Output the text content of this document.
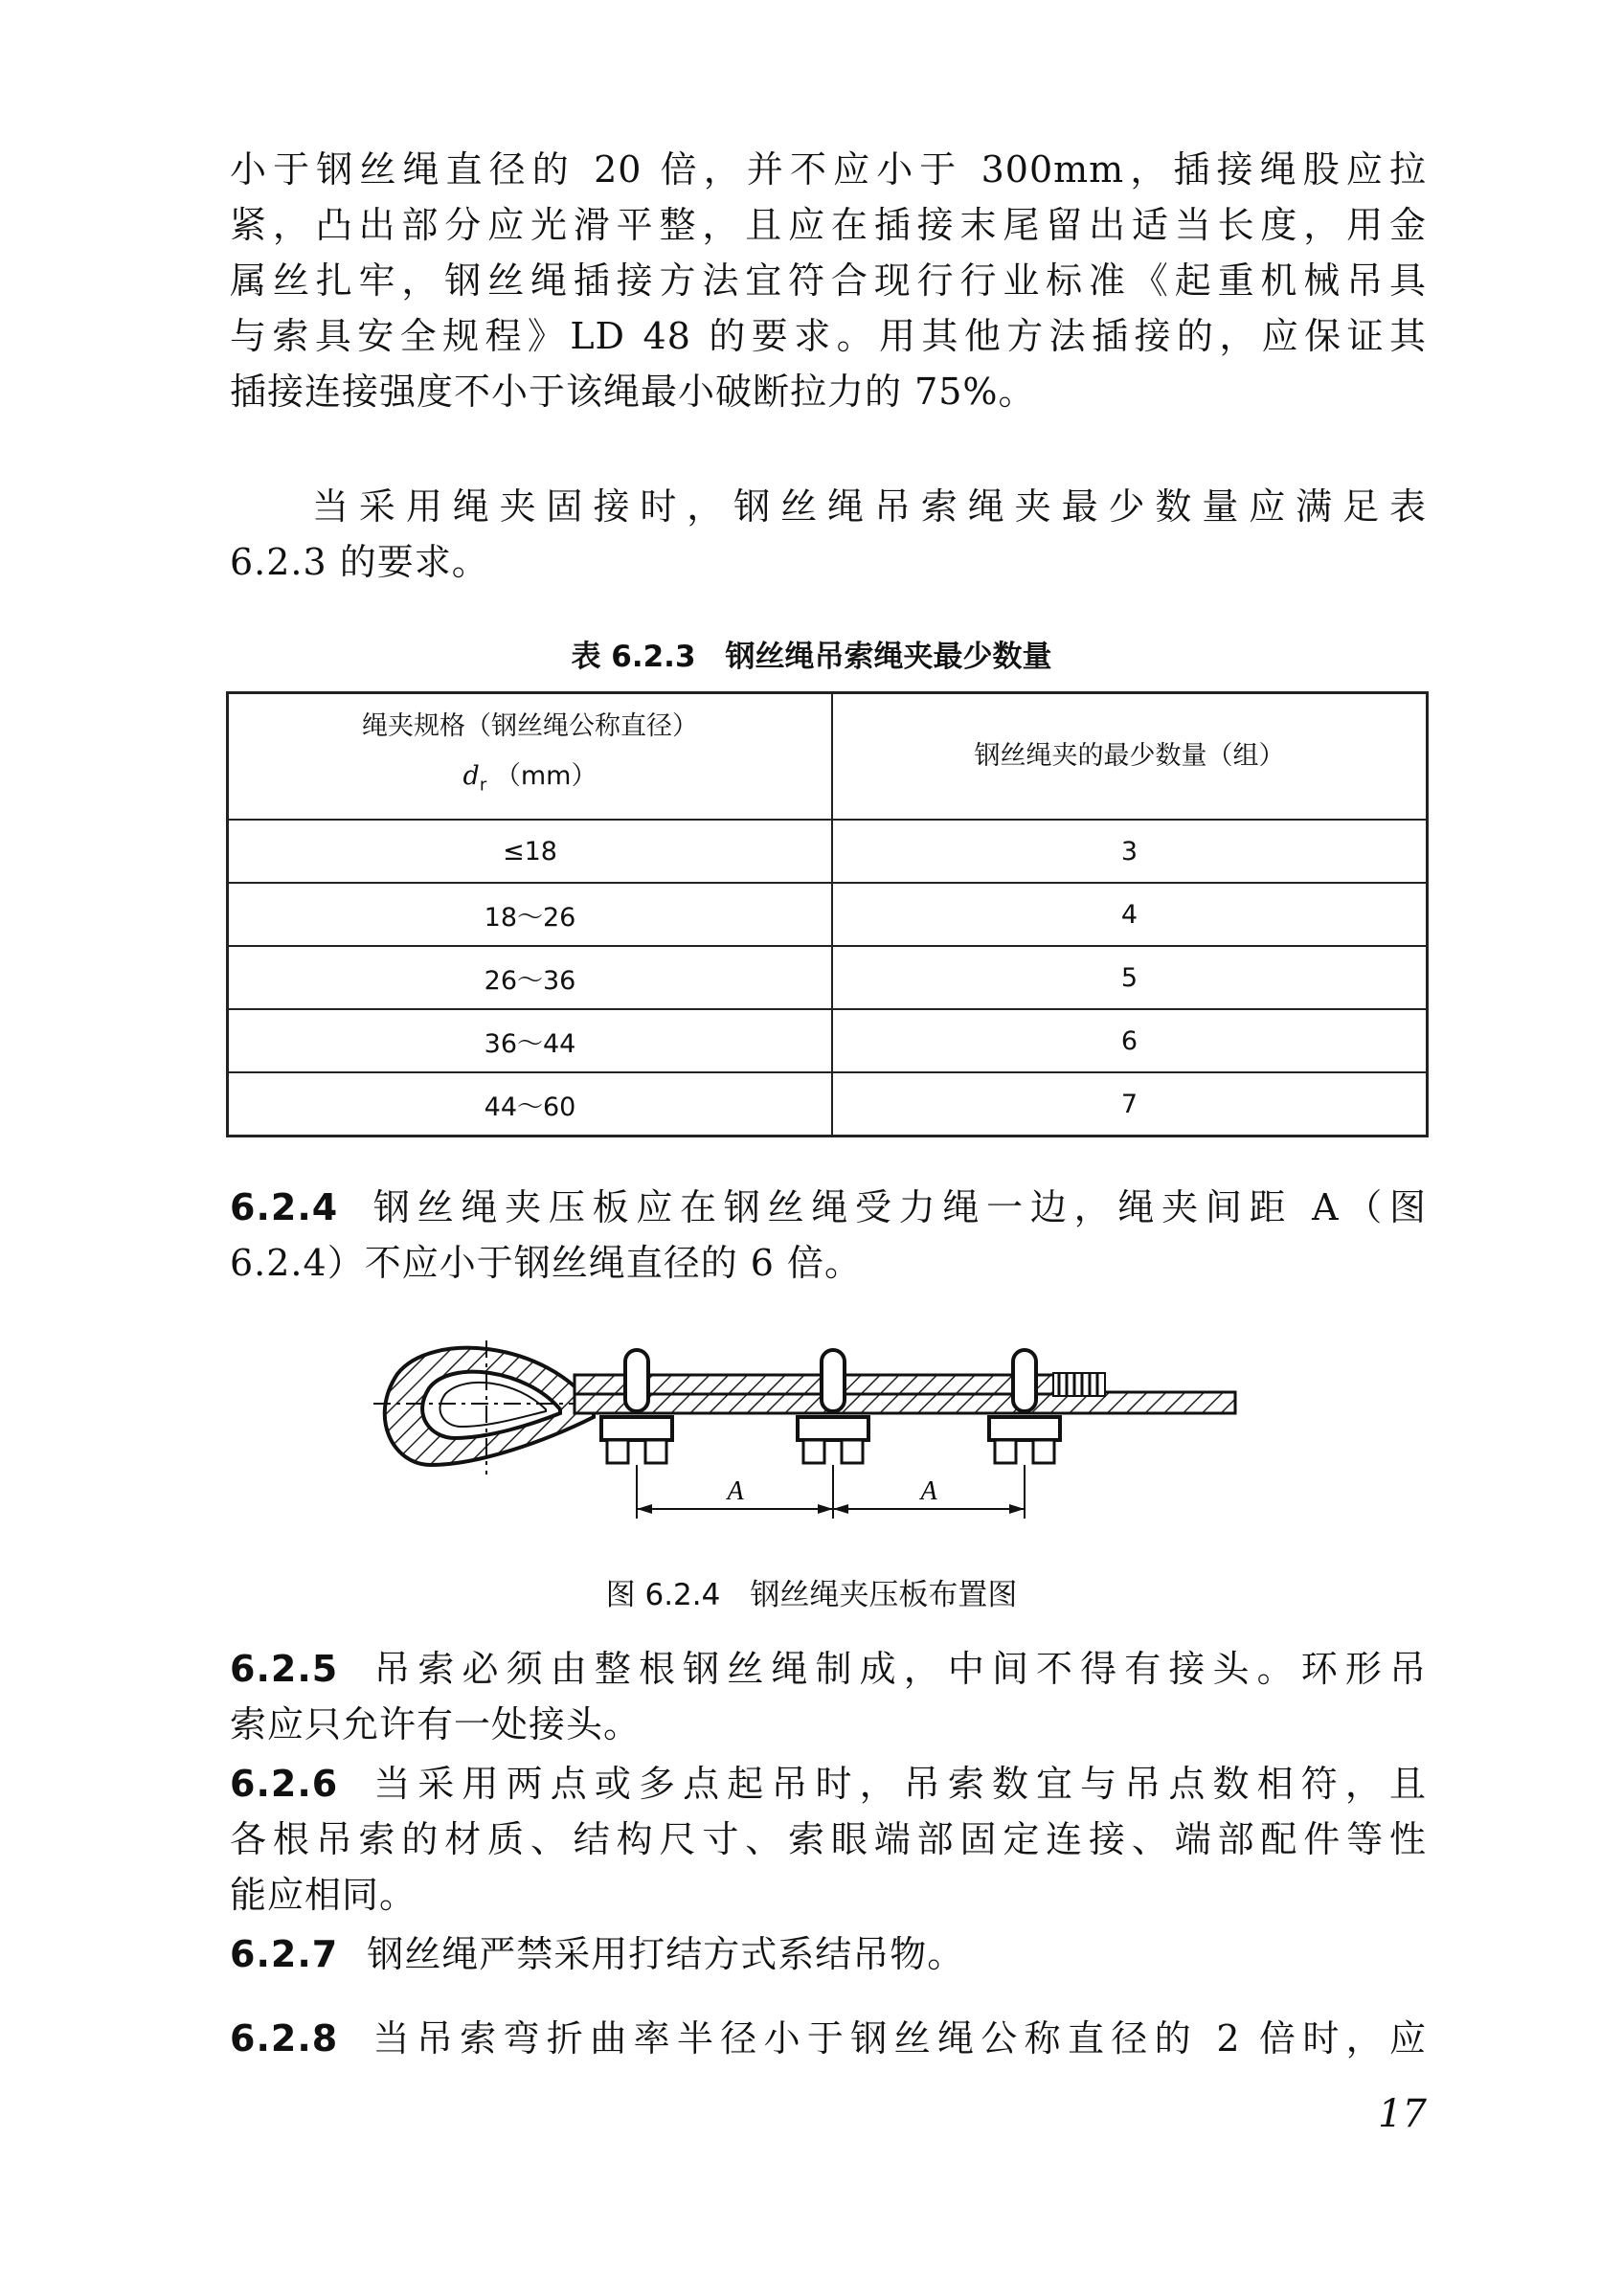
小于钢丝绳直径的 20 倍，并不应小于 300mm，插接绳股应拉
紧，凸出部分应光滑平整，且应在插接末尾留出适当长度，用金
属丝扎牢，钢丝绳插接方法宜符合现行行业标准《起重机械吊具
与索具安全规程》LD 48 的要求。用其他方法插接的，应保证其
插接连接强度不小于该绳最小破断拉力的 75%。
当采用绳夹固接时，钢丝绳吊索绳夹最少数量应满足表
6.2.3 的要求。
表 6.2.3　钢丝绳吊索绳夹最少数量
绳夹规格（钢丝绳公称直径）
$d_r$ （mm）	钢丝绳夹的最少数量（组）
≤18	3
18～26	4
26～36	5
36～44	6
44～60	7
6.2.4 钢丝绳夹压板应在钢丝绳受力绳一边，绳夹间距 A（图
6.2.4）不应小于钢丝绳直径的 6 倍。
A	A
图 6.2.4　钢丝绳夹压板布置图
6.2.5 吊索必须由整根钢丝绳制成，中间不得有接头。环形吊
索应只允许有一处接头。
6.2.6 当采用两点或多点起吊时，吊索数宜与吊点数相符，且
各根吊索的材质、结构尺寸、索眼端部固定连接、端部配件等性
能应相同。
6.2.7 钢丝绳严禁采用打结方式系结吊物。
6.2.8 当吊索弯折曲率半径小于钢丝绳公称直径的 2 倍时，应
17
